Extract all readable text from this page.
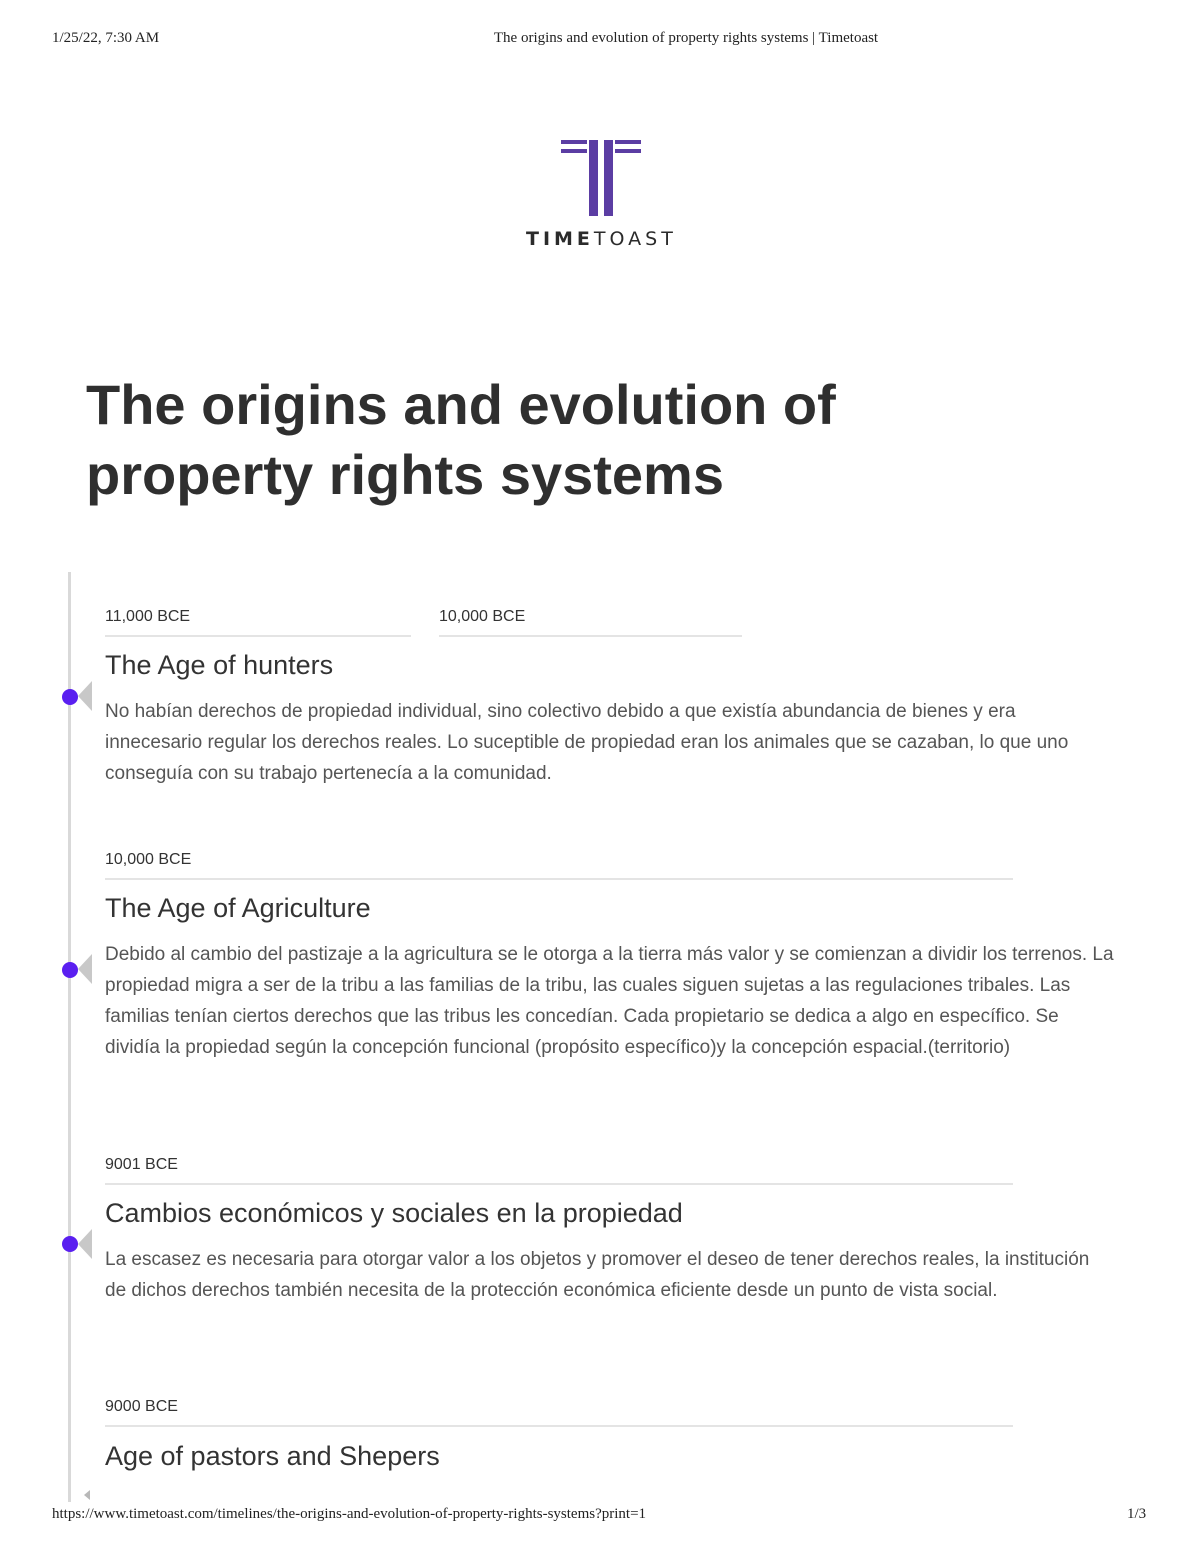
1/25/22, 7:30 AM	The origins and evolution of property rights systems | Timetoast
TIMETOAST
The origins and evolution of property rights systems
11,000 BCE	10,000 BCE
The Age of hunters

No habían derechos de propiedad individual, sino colectivo debido a que existía abundancia de bienes y era innecesario regular los derechos reales. Lo suceptible de propiedad eran los animales que se cazaban, lo que uno conseguía con su trabajo pertenecía a la comunidad.

10,000 BCE
The Age of Agriculture

Debido al cambio del pastizaje a la agricultura se le otorga a la tierra más valor y se comienzan a dividir los terrenos. La propiedad migra a ser de la tribu a las familias de la tribu, las cuales siguen sujetas a las regulaciones tribales. Las familias tenían ciertos derechos que las tribus les concedían. Cada propietario se dedica a algo en específico. Se dividía la propiedad según la concepción funcional (propósito específico)y la concepción espacial.(territorio)

9001 BCE
Cambios económicos y sociales en la propiedad

La escasez es necesaria para otorgar valor a los objetos y promover el deseo de tener derechos reales, la institución de dichos derechos también necesita de la protección económica eficiente desde un punto de vista social.

9000 BCE
Age of pastors and Shepers
https://www.timetoast.com/timelines/the-origins-and-evolution-of-property-rights-systems?print=1	1/3
